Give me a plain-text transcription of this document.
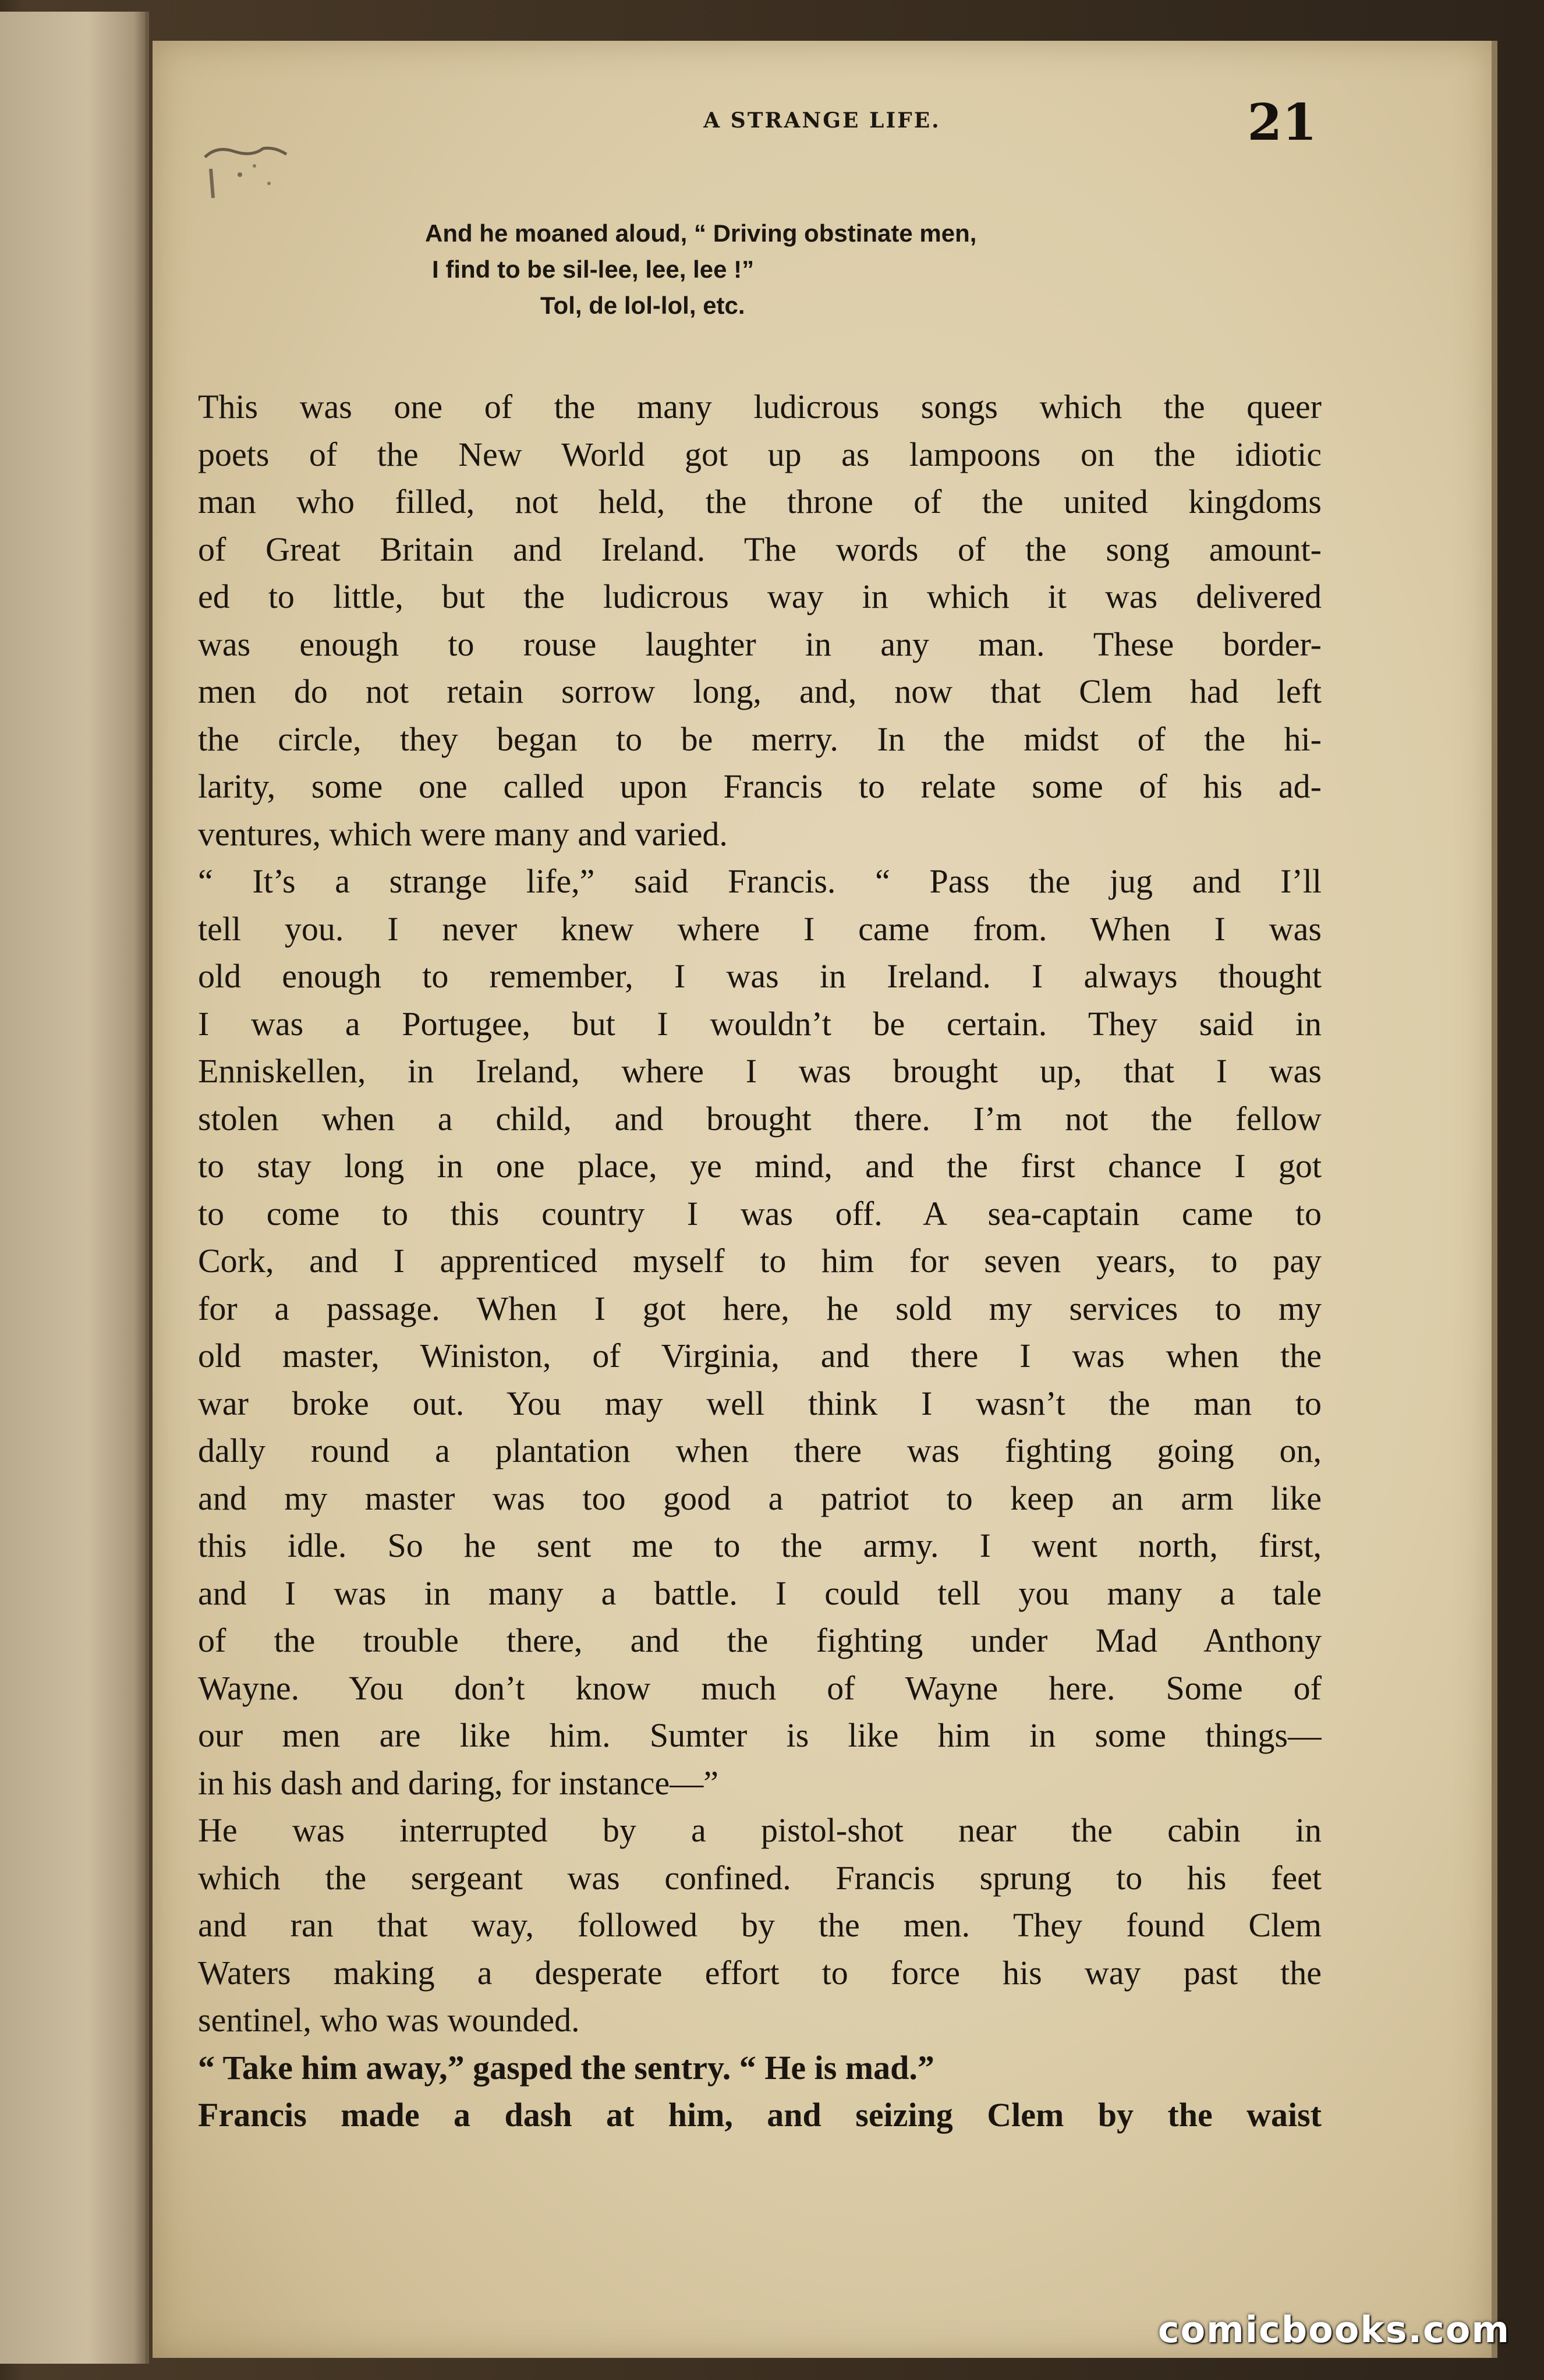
A STRANGE LIFE.	21
And he moaned aloud, “ Driving obstinate men,
I find to be sil-lee, lee, lee !”
Tol, de lol-lol, etc.
This was one of the many ludicrous songs which the queer
poets of the New World got up as lampoons on the idiotic
man who filled, not held, the throne of the united kingdoms
of Great Britain and Ireland. The words of the song amount-
ed to little, but the ludicrous way in which it was delivered
was enough to rouse laughter in any man. These border-
men do not retain sorrow long, and, now that Clem had left
the circle, they began to be merry. In the midst of the hi-
larity, some one called upon Francis to relate some of his ad-
ventures, which were many and varied.
“ It’s a strange life,” said Francis. “ Pass the jug and I’ll
tell you. I never knew where I came from. When I was
old enough to remember, I was in Ireland. I always thought
I was a Portugee, but I wouldn’t be certain. They said in
Enniskellen, in Ireland, where I was brought up, that I was
stolen when a child, and brought there. I’m not the fellow
to stay long in one place, ye mind, and the first chance I got
to come to this country I was off. A sea-captain came to
Cork, and I apprenticed myself to him for seven years, to pay
for a passage. When I got here, he sold my services to my
old master, Winiston, of Virginia, and there I was when the
war broke out. You may well think I wasn’t the man to
dally round a plantation when there was fighting going on,
and my master was too good a patriot to keep an arm like
this idle. So he sent me to the army. I went north, first,
and I was in many a battle. I could tell you many a tale
of the trouble there, and the fighting under Mad Anthony
Wayne. You don’t know much of Wayne here. Some of
our men are like him. Sumter is like him in some things—
in his dash and daring, for instance—”
He was interrupted by a pistol-shot near the cabin in
which the sergeant was confined. Francis sprung to his feet
and ran that way, followed by the men. They found Clem
Waters making a desperate effort to force his way past the
sentinel, who was wounded.
“ Take him away,” gasped the sentry. “ He is mad.”
Francis made a dash at him, and seizing Clem by the waist
comicbooks.com
